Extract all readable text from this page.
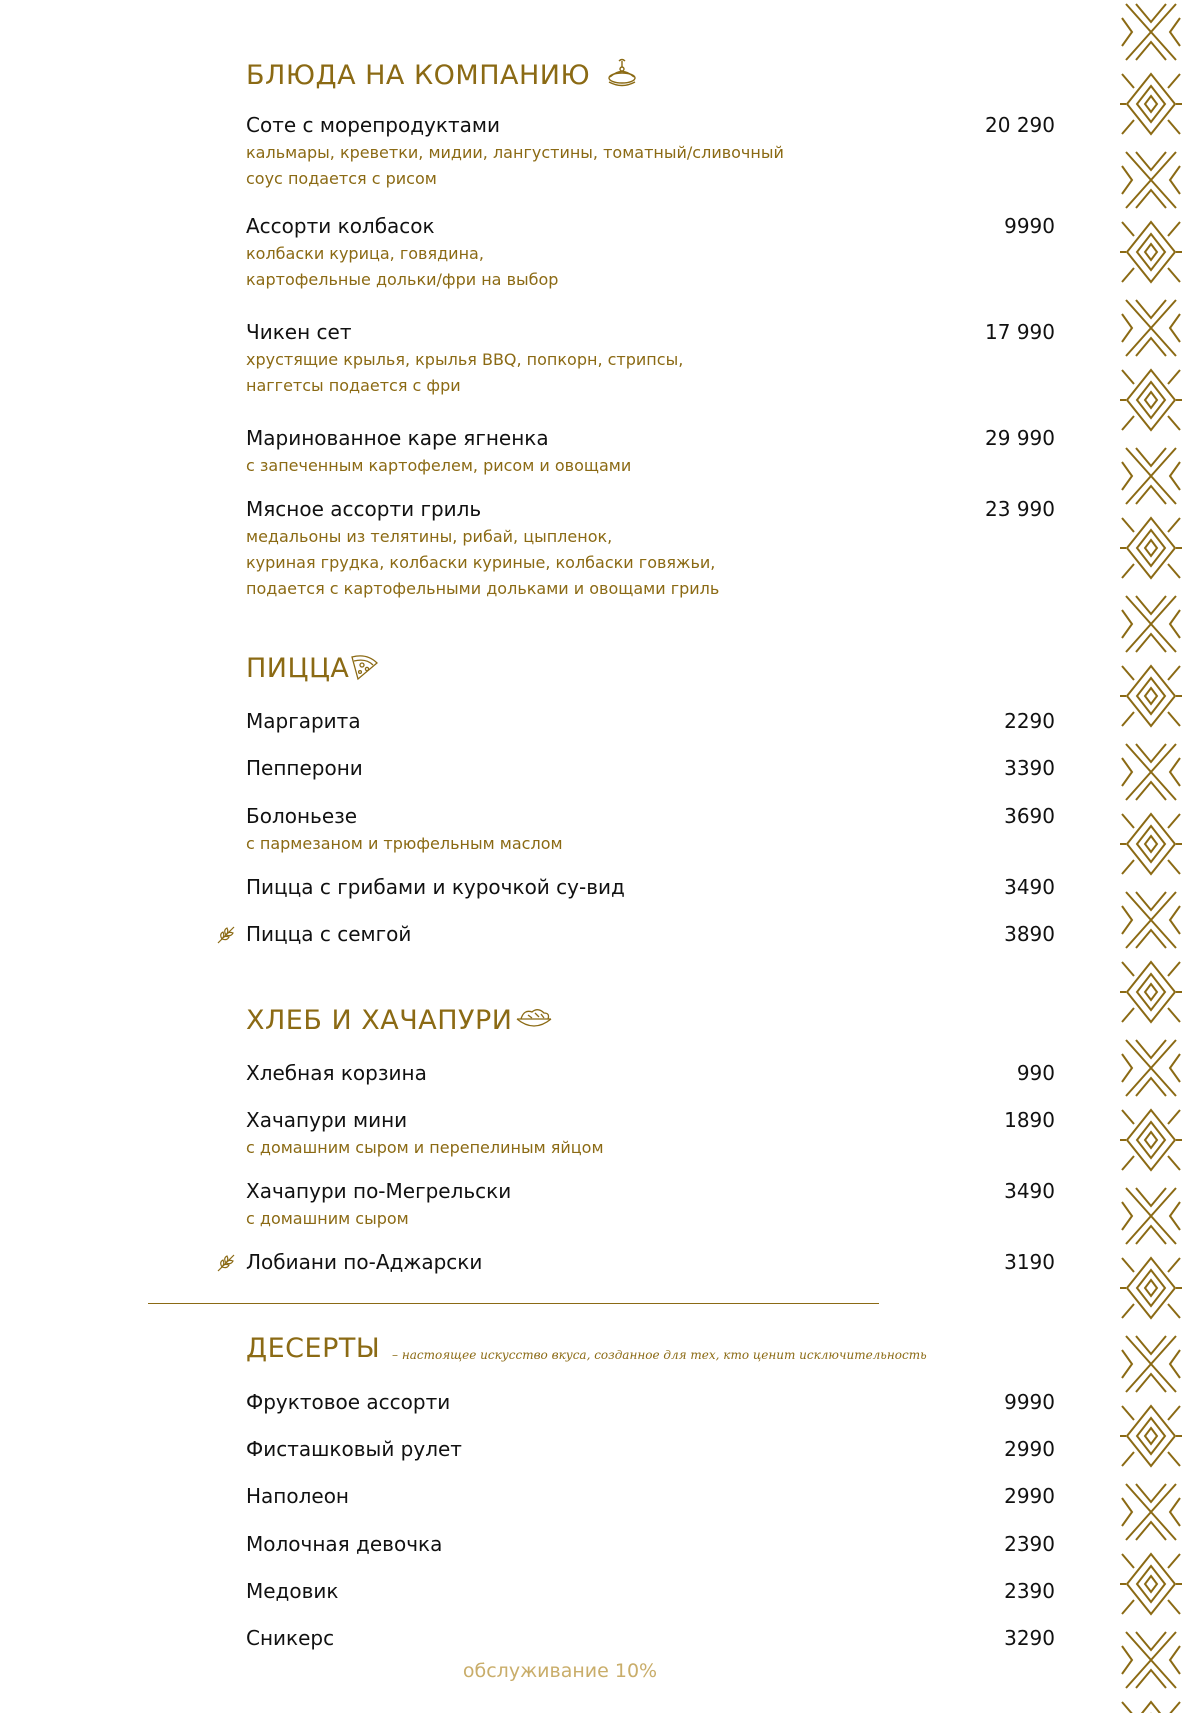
БЛЮДА НА КОМПАНИЮ
Соте с морепродуктами	20 290
кальмары, креветки, мидии, лангустины, томатный/сливочный
соус подается с рисом
Ассорти колбасок	9990
колбаски курица, говядина,
картофельные дольки/фри на выбор
Чикен сет	17 990
хрустящие крылья, крылья BBQ, попкорн, стрипсы,
наггетсы подается с фри
Маринованное каре ягненка	29 990
с запеченным картофелем, рисом и овощами
Мясное ассорти гриль	23 990
медальоны из телятины, рибай, цыпленок,
куриная грудка, колбаски куриные, колбаски говяжьи,
подается с картофельными дольками и овощами гриль
ПИЦЦА
Маргарита	2290
Пепперони	3390
Болоньезе	3690
с пармезаном и трюфельным маслом
Пицца с грибами и курочкой су-вид	3490
Пицца с семгой	3890
ХЛЕБ И ХАЧАПУРИ
Хлебная корзина	990
Хачапури мини	1890
с домашним сыром и перепелиным яйцом
Хачапури по-Мегрельски	3490
с домашним сыром
Лобиани по-Аджарски	3190
ДЕСЕРТЫ – настоящее искусство вкуса, созданное для тех, кто ценит исключительность
Фруктовое ассорти	9990
Фисташковый рулет	2990
Наполеон	2990
Молочная девочка	2390
Медовик	2390
Сникерс	3290
обслуживание 10%
